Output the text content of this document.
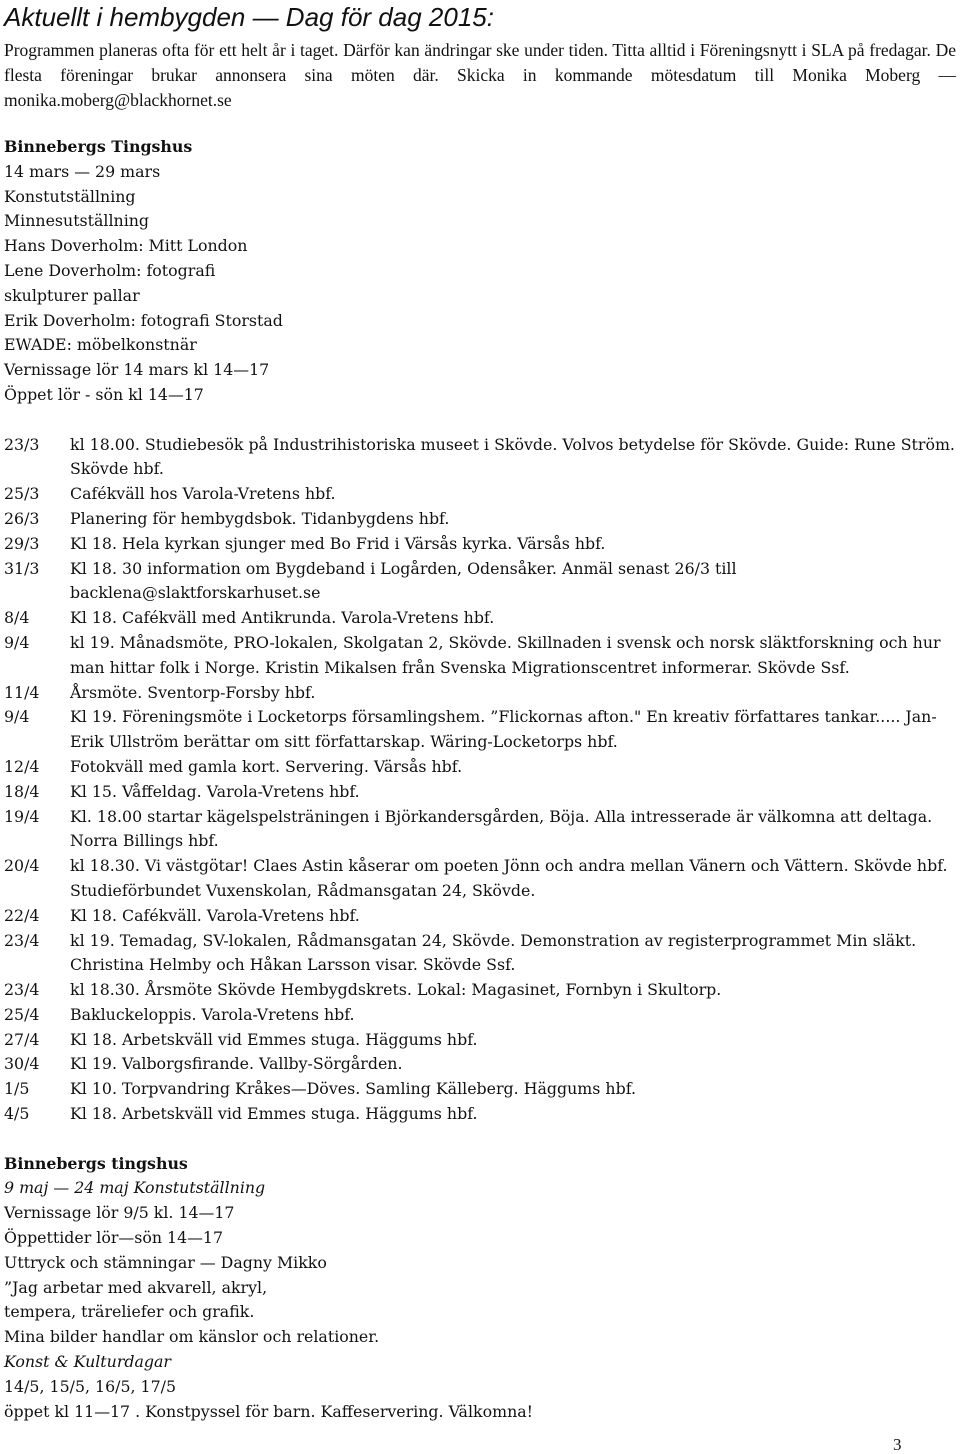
Aktuellt i hembygden — Dag för dag 2015:

Programmen planeras ofta för ett helt år i taget. Därför kan ändringar ske under tiden. Titta alltid i Föreningsnytt i SLA på fredagar. De flesta föreningar brukar annonsera sina möten där. Skicka in kommande mötesdatum till Monika Moberg — monika.moberg@blackhornet.se

Binnebergs Tingshus

14 mars — 29 mars

Konstutställning

Minnesutställning

Hans Doverholm: Mitt London

Lene Doverholm: fotografi

skulpturer pallar

Erik Doverholm: fotografi Storstad

EWADE: möbelkonstnär

Vernissage lör 14 mars kl 14—17

Öppet lör - sön kl 14—17

23/3	kl 18.00. Studiebesök på Industrihistoriska museet i Skövde. Volvos betydelse för Skövde. Guide: Rune Ström. Skövde hbf.
25/3	Cafékväll hos Varola-Vretens hbf.
26/3	Planering för hembygdsbok. Tidanbygdens hbf.
29/3	Kl 18. Hela kyrkan sjunger med Bo Frid i Värsås kyrka. Värsås hbf.
31/3	Kl 18. 30 information om Bygdeband i Logården, Odensåker. Anmäl senast 26/3 till backlena@slaktforskarhuset.se
8/4	Kl 18. Cafékväll med Antikrunda. Varola-Vretens hbf.
9/4	kl 19. Månadsmöte, PRO-lokalen, Skolgatan 2, Skövde. Skillnaden i svensk och norsk släktforskning och hur man hittar folk i Norge. Kristin Mikalsen från Svenska Migrationscentret informerar. Skövde Ssf.
11/4	Årsmöte. Sventorp-Forsby hbf.
9/4	Kl 19. Föreningsmöte i Locketorps församlingshem. ”Flickornas afton." En kreativ författares tankar..... Jan-Erik Ullström berättar om sitt författarskap. Wäring-Locketorps hbf.
12/4	Fotokväll med gamla kort. Servering. Värsås hbf.
18/4	Kl 15. Våffeldag. Varola-Vretens hbf.
19/4	Kl. 18.00 startar kägelspelsträningen i Björkandersgården, Böja. Alla intresserade är välkomna att deltaga. Norra Billings hbf.
20/4	kl 18.30. Vi västgötar! Claes Astin kåserar om poeten Jönn och andra mellan Vänern och Vättern. Skövde hbf. Studieförbundet Vuxenskolan, Rådmansgatan 24, Skövde.
22/4	Kl 18. Cafékväll. Varola-Vretens hbf.
23/4	kl 19. Temadag, SV-lokalen, Rådmansgatan 24, Skövde. Demonstration av registerprogrammet Min släkt. Christina Helmby och Håkan Larsson visar. Skövde Ssf.
23/4	kl 18.30. Årsmöte Skövde Hembygdskrets. Lokal: Magasinet, Fornbyn i Skultorp.
25/4	Bakluckeloppis. Varola-Vretens hbf.
27/4	Kl 18. Arbetskväll vid Emmes stuga. Häggums hbf.
30/4	Kl 19. Valborgsfirande. Vallby-Sörgården.
1/5	Kl 10. Torpvandring Kråkes—Döves. Samling Källeberg. Häggums hbf.
4/5	Kl 18. Arbetskväll vid Emmes stuga. Häggums hbf.

Binnebergs tingshus

9 maj — 24 maj Konstutställning

Vernissage lör 9/5 kl. 14—17

Öppettider lör—sön 14—17

Uttryck och stämningar — Dagny Mikko

”Jag arbetar med akvarell, akryl,

tempera, träreliefer och grafik.

Mina bilder handlar om känslor och relationer.

Konst & Kulturdagar

14/5, 15/5, 16/5, 17/5

öppet kl 11—17 . Konstpyssel för barn. Kaffeservering. Välkomna!

3
